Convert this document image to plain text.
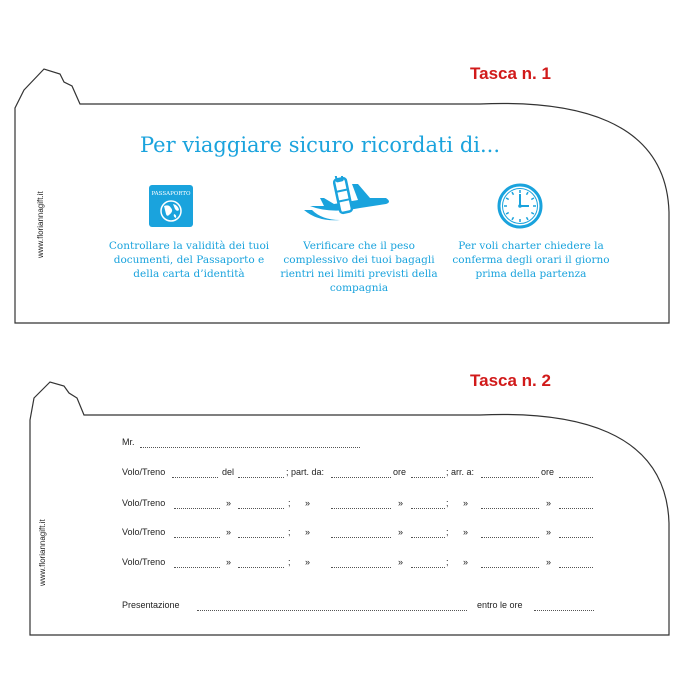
Tasca n. 1
www.floriannagift.it
Per viaggiare sicuro ricordati di...
PASSAPORTO
Controllare la validità dei tuoi documenti, del Passaporto e della carta d’identità
Verificare che il peso complessivo dei tuoi bagagli rientri nei limiti previsti della compagnia
Per voli charter chiedere la conferma degli orari il giorno prima della partenza
Tasca n. 2
www.floriannagift.it
Mr.
Volo/Treno	del	; part. da:	ore	; arr. a:	ore
Volo/Treno	»	; »	»	; »	»
Volo/Treno	»	; »	»	; »	»
Volo/Treno	»	; »	»	; »	»
Presentazione	entro le ore
